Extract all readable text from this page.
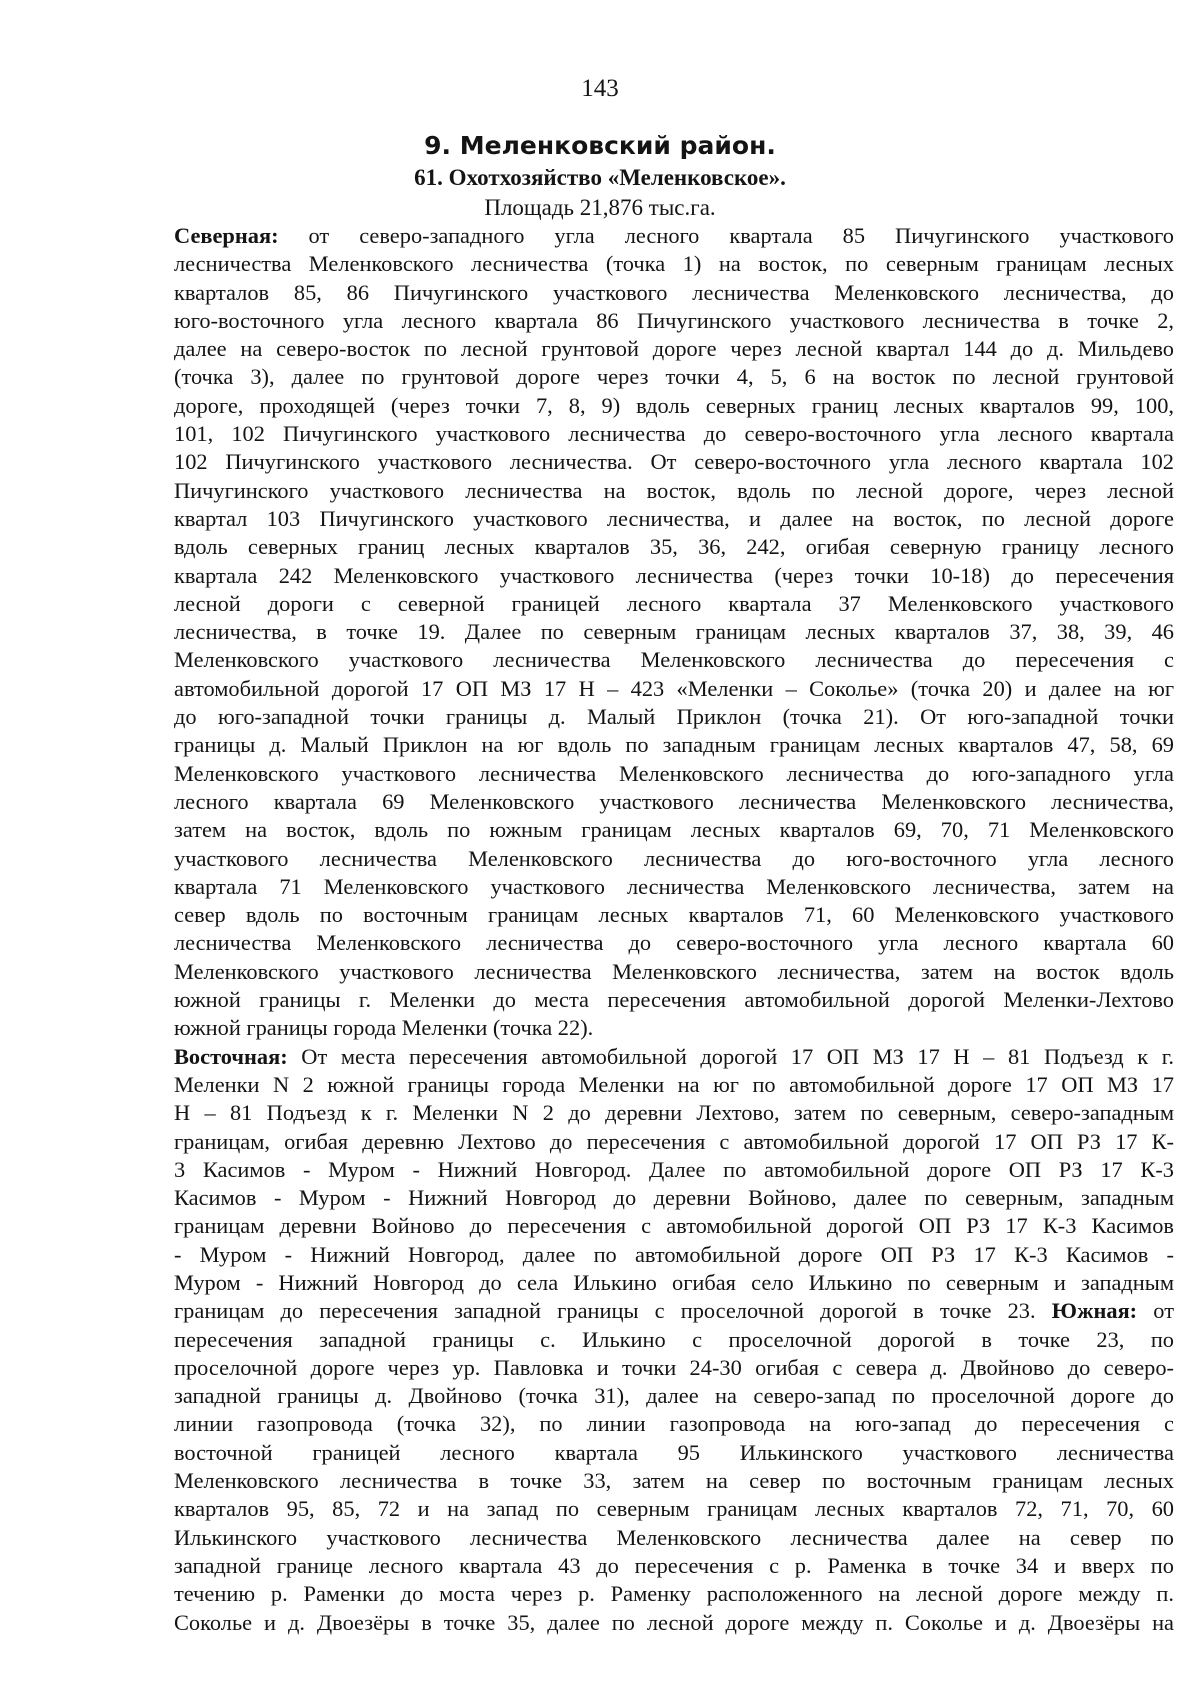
143
9. Меленковский район.
61. Охотхозяйство «Меленковское».
Площадь 21,876 тыс.га.
Северная: от северо-западного угла лесного квартала 85 Пичугинского участкового
лесничества Меленковского лесничества (точка 1) на восток, по северным границам лесных
кварталов 85, 86 Пичугинского участкового лесничества Меленковского лесничества, до
юго-восточного угла лесного квартала 86 Пичугинского участкового лесничества в точке 2,
далее на северо-восток по лесной грунтовой дороге через лесной квартал 144 до д. Мильдево
(точка 3), далее по грунтовой дороге через точки 4, 5, 6 на восток по лесной грунтовой
дороге, проходящей (через точки 7, 8, 9) вдоль северных границ лесных кварталов 99, 100,
101, 102 Пичугинского участкового лесничества до северо-восточного угла лесного квартала
102 Пичугинского участкового лесничества. От северо-восточного угла лесного квартала 102
Пичугинского участкового лесничества на восток, вдоль по лесной дороге, через лесной
квартал 103 Пичугинского участкового лесничества, и далее на восток, по лесной дороге
вдоль северных границ лесных кварталов 35, 36, 242, огибая северную границу лесного
квартала 242 Меленковского участкового лесничества (через точки 10-18) до пересечения
лесной дороги с северной границей лесного квартала 37 Меленковского участкового
лесничества, в точке 19. Далее по северным границам лесных кварталов 37, 38, 39, 46
Меленковского участкового лесничества Меленковского лесничества до пересечения с
автомобильной дорогой 17 ОП МЗ 17 Н – 423 «Меленки – Соколье» (точка 20) и далее на юг
до юго-западной точки границы д. Малый Приклон (точка 21). От юго-западной точки
границы д. Малый Приклон на юг вдоль по западным границам лесных кварталов 47, 58, 69
Меленковского участкового лесничества Меленковского лесничества до юго-западного угла
лесного квартала 69 Меленковского участкового лесничества Меленковского лесничества,
затем на восток, вдоль по южным границам лесных кварталов 69, 70, 71 Меленковского
участкового лесничества Меленковского лесничества до юго-восточного угла лесного
квартала 71 Меленковского участкового лесничества Меленковского лесничества, затем на
север вдоль по восточным границам лесных кварталов 71, 60 Меленковского участкового
лесничества Меленковского лесничества до северо-восточного угла лесного квартала 60
Меленковского участкового лесничества Меленковского лесничества, затем на восток вдоль
южной границы г. Меленки до места пересечения автомобильной дорогой Меленки-Лехтово
южной границы города Меленки (точка 22).
Восточная: От места пересечения автомобильной дорогой 17 ОП МЗ 17 Н – 81 Подъезд к г.
Меленки N 2 южной границы города Меленки на юг по автомобильной дороге 17 ОП МЗ 17
Н – 81 Подъезд к г. Меленки N 2 до деревни Лехтово, затем по северным, северо-западным
границам, огибая деревню Лехтово до пересечения с автомобильной дорогой 17 ОП РЗ 17 К-
3 Касимов - Муром - Нижний Новгород. Далее по автомобильной дороге ОП РЗ 17 К-3
Касимов - Муром - Нижний Новгород до деревни Войново, далее по северным, западным
границам деревни Войново до пересечения с автомобильной дорогой ОП РЗ 17 К-3 Касимов
- Муром - Нижний Новгород, далее по автомобильной дороге ОП РЗ 17 К-3 Касимов -
Муром - Нижний Новгород до села Илькино огибая село Илькино по северным и западным
границам до пересечения западной границы с проселочной дорогой в точке 23. Южная: от
пересечения западной границы с. Илькино с проселочной дорогой в точке 23, по
проселочной дороге через ур. Павловка и точки 24-30 огибая с севера д. Двойново до северо-
западной границы д. Двойново (точка 31), далее на северо-запад по проселочной дороге до
линии газопровода (точка 32), по линии газопровода на юго-запад до пересечения с
восточной границей лесного квартала 95 Илькинского участкового лесничества
Меленковского лесничества в точке 33, затем на север по восточным границам лесных
кварталов 95, 85, 72 и на запад по северным границам лесных кварталов 72, 71, 70, 60
Илькинского участкового лесничества Меленковского лесничества далее на север по
западной границе лесного квартала 43 до пересечения с р. Раменка в точке 34 и вверх по
течению р. Раменки до моста через р. Раменку расположенного на лесной дороге между п.
Соколье и д. Двоезёры в точке 35, далее по лесной дороге между п. Соколье и д. Двоезёры на
